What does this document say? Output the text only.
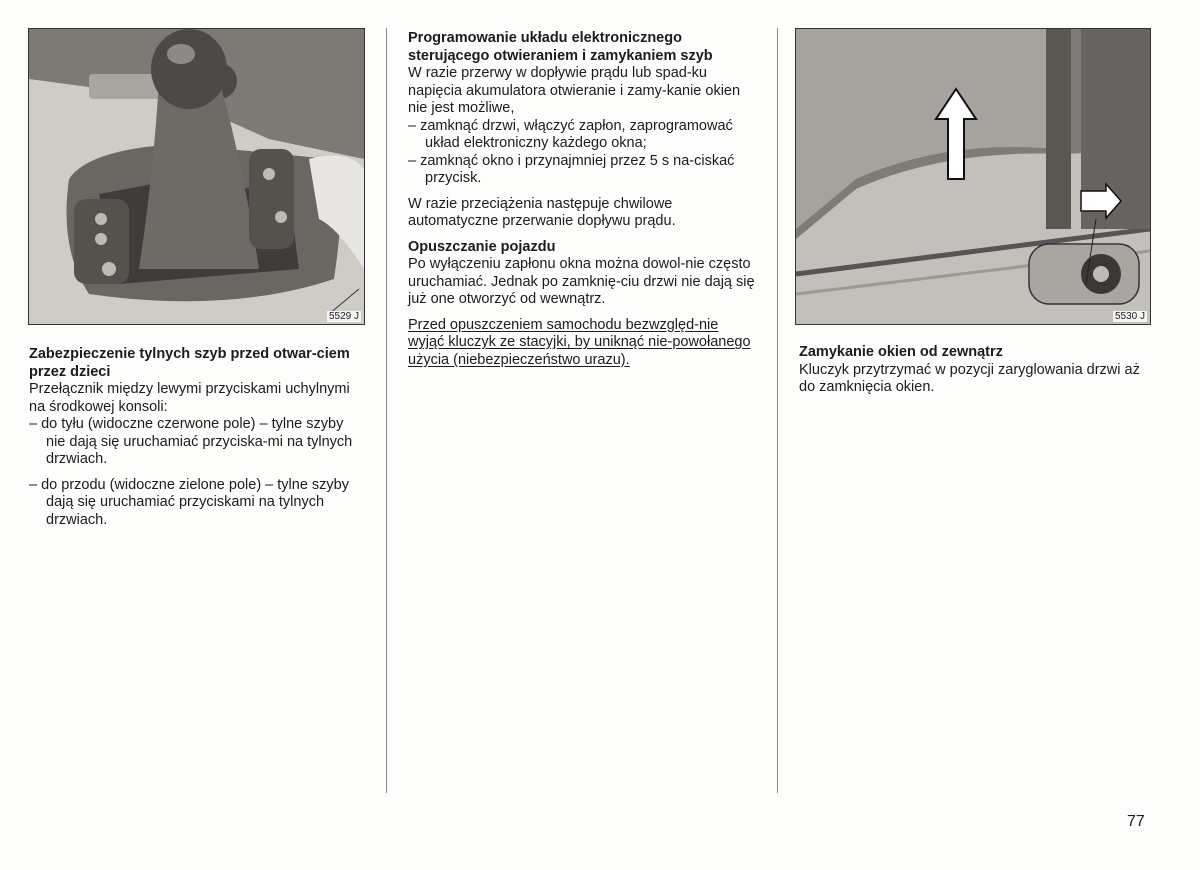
5529 J	5530 J

Zabezpieczenie tylnych szyb przed otwar-ciem przez dzieci

Przełącznik między lewymi przyciskami uchylnymi na środkowej konsoli:

– do tyłu (widoczne czerwone pole) – tylne szyby nie dają się uruchamiać przyciska-mi na tylnych drzwiach.

– do przodu (widoczne zielone pole) – tylne szyby dają się uruchamiać przyciskami na tylnych drzwiach.

Programowanie układu elektronicznego sterującego otwieraniem i zamykaniem szyb

W razie przerwy w dopływie prądu lub spad-ku napięcia akumulatora otwieranie i zamy-kanie okien nie jest możliwe,

– zamknąć drzwi, włączyć zapłon, zaprogramować układ elektroniczny każdego okna;

– zamknąć okno i przynajmniej przez 5 s na-ciskać przycisk.

W razie przeciążenia następuje chwilowe automatyczne przerwanie dopływu prądu.

Opuszczanie pojazdu

Po wyłączeniu zapłonu okna można dowol-nie często uruchamiać. Jednak po zamknię-ciu drzwi nie dają się już one otworzyć od wewnątrz.

Przed opuszczeniem samochodu bezwzględ-nie wyjąć kluczyk ze stacyjki, by uniknąć nie-powołanego użycia (niebezpieczeństwo urazu).	Zamykanie okien od zewnątrz

Kluczyk przytrzymać w pozycji zaryglowania drzwi aż do zamknięcia okien.

77
